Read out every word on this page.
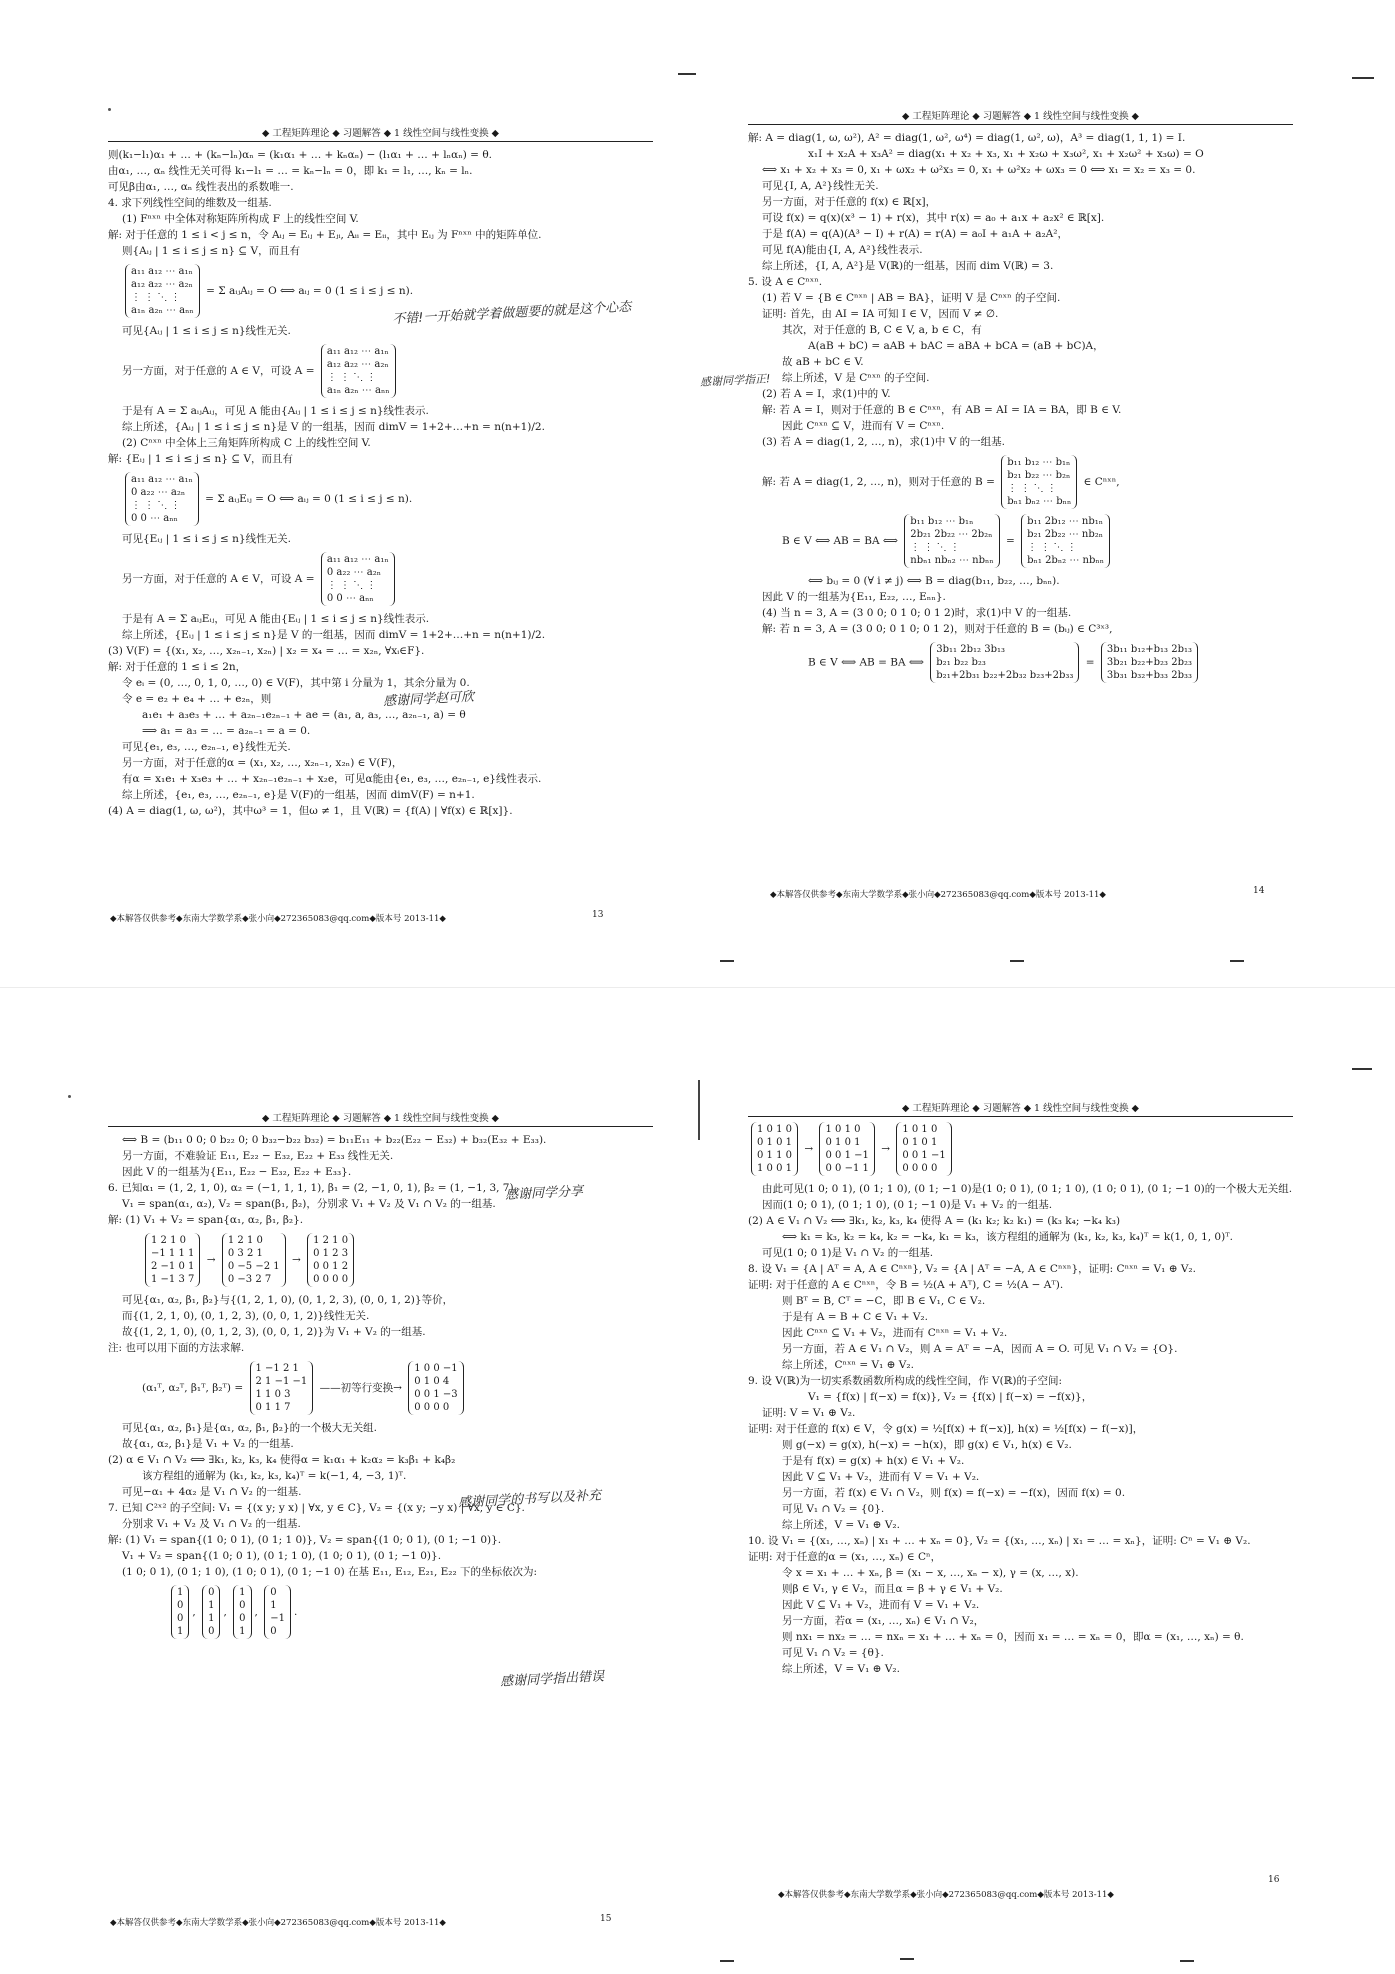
◆ 工程矩阵理论 ◆ 习题解答 ◆ 1 线性空间与线性变换 ◆

则(k₁−l₁)α₁ + … + (kₙ−lₙ)αₙ = (k₁α₁ + … + kₙαₙ) − (l₁α₁ + … + lₙαₙ) = θ.

由α₁, …, αₙ 线性无关可得 k₁−l₁ = … = kₙ−lₙ = 0，即 k₁ = l₁, …, kₙ = lₙ.

可见β由α₁, …, αₙ 线性表出的系数唯一.

4. 求下列线性空间的维数及一组基.

(1) Fⁿˣⁿ 中全体对称矩阵所构成 F 上的线性空间 V.

解: 对于任意的 1 ≤ i < j ≤ n，令 Aᵢⱼ = Eᵢⱼ + Eⱼᵢ, Aᵢᵢ = Eᵢᵢ，其中 Eᵢⱼ 为 Fⁿˣⁿ 中的矩阵单位.

则{Aᵢⱼ | 1 ≤ i ≤ j ≤ n} ⊆ V，而且有

a₁₁ a₁₂ ⋯ a₁ₙ
a₁₂ a₂₂ ⋯ a₂ₙ
⋮ ⋮ ⋱ ⋮
a₁ₙ a₂ₙ ⋯ aₙₙ
= Σ aᵢⱼAᵢⱼ = O ⟺ aᵢⱼ = 0 (1 ≤ i ≤ j ≤ n).

可见{Aᵢⱼ | 1 ≤ i ≤ j ≤ n}线性无关.

另一方面，对于任意的 A ∈ V，可设 A =
a₁₁ a₁₂ ⋯ a₁ₙ
a₁₂ a₂₂ ⋯ a₂ₙ
⋮ ⋮ ⋱ ⋮
a₁ₙ a₂ₙ ⋯ aₙₙ

于是有 A = Σ aᵢⱼAᵢⱼ，可见 A 能由{Aᵢⱼ | 1 ≤ i ≤ j ≤ n}线性表示.

综上所述，{Aᵢⱼ | 1 ≤ i ≤ j ≤ n}是 V 的一组基，因而 dimV = 1+2+…+n = n(n+1)/2.

(2) Cⁿˣⁿ 中全体上三角矩阵所构成 C 上的线性空间 V.

解: {Eᵢⱼ | 1 ≤ i ≤ j ≤ n} ⊆ V，而且有

a₁₁ a₁₂ ⋯ a₁ₙ
0 a₂₂ ⋯ a₂ₙ
⋮ ⋮ ⋱ ⋮
0 0 ⋯ aₙₙ
= Σ aᵢⱼEᵢⱼ = O ⟺ aᵢⱼ = 0 (1 ≤ i ≤ j ≤ n).

可见{Eᵢⱼ | 1 ≤ i ≤ j ≤ n}线性无关.

另一方面，对于任意的 A ∈ V，可设 A =
a₁₁ a₁₂ ⋯ a₁ₙ
0 a₂₂ ⋯ a₂ₙ
⋮ ⋮ ⋱ ⋮
0 0 ⋯ aₙₙ

于是有 A = Σ aᵢⱼEᵢⱼ，可见 A 能由{Eᵢⱼ | 1 ≤ i ≤ j ≤ n}线性表示.

综上所述，{Eᵢⱼ | 1 ≤ i ≤ j ≤ n}是 V 的一组基，因而 dimV = 1+2+…+n = n(n+1)/2.

(3) V(F) = {(x₁, x₂, …, x₂ₙ₋₁, x₂ₙ) | x₂ = x₄ = … = x₂ₙ, ∀xᵢ∈F}.

解: 对于任意的 1 ≤ i ≤ 2n，

令 eᵢ = (0, …, 0, 1, 0, …, 0) ∈ V(F)，其中第 i 分量为 1，其余分量为 0.

令 e = e₂ + e₄ + … + e₂ₙ，则

a₁e₁ + a₃e₃ + … + a₂ₙ₋₁e₂ₙ₋₁ + ae = (a₁, a, a₃, …, a₂ₙ₋₁, a) = θ

⟹ a₁ = a₃ = … = a₂ₙ₋₁ = a = 0.

可见{e₁, e₃, …, e₂ₙ₋₁, e}线性无关.

另一方面，对于任意的α = (x₁, x₂, …, x₂ₙ₋₁, x₂ₙ) ∈ V(F)，

有α = x₁e₁ + x₃e₃ + … + x₂ₙ₋₁e₂ₙ₋₁ + x₂e，可见α能由{e₁, e₃, …, e₂ₙ₋₁, e}线性表示.

综上所述，{e₁, e₃, …, e₂ₙ₋₁, e}是 V(F)的一组基，因而 dimV(F) = n+1.

(4) A = diag(1, ω, ω²)，其中ω³ = 1，但ω ≠ 1，且 V(ℝ) = {f(A) | ∀f(x) ∈ ℝ[x]}.

◆本解答仅供参考◆东南大学数学系◆张小向◆272365083@qq.com◆版本号 2013-11◆	13
◆ 工程矩阵理论 ◆ 习题解答 ◆ 1 线性空间与线性变换 ◆

解: A = diag(1, ω, ω²), A² = diag(1, ω², ω⁴) = diag(1, ω², ω)，A³ = diag(1, 1, 1) = I.

x₁I + x₂A + x₃A² = diag(x₁ + x₂ + x₃, x₁ + x₂ω + x₃ω², x₁ + x₂ω² + x₃ω) = O

⟺ x₁ + x₂ + x₃ = 0, x₁ + ωx₂ + ω²x₃ = 0, x₁ + ω²x₂ + ωx₃ = 0 ⟺ x₁ = x₂ = x₃ = 0.

可见{I, A, A²}线性无关.

另一方面，对于任意的 f(x) ∈ ℝ[x]，

可设 f(x) = q(x)(x³ − 1) + r(x)，其中 r(x) = a₀ + a₁x + a₂x² ∈ ℝ[x].

于是 f(A) = q(A)(A³ − I) + r(A) = r(A) = a₀I + a₁A + a₂A²，

可见 f(A)能由{I, A, A²}线性表示.

综上所述，{I, A, A²}是 V(ℝ)的一组基，因而 dim V(ℝ) = 3.

5. 设 A ∈ Cⁿˣⁿ.

(1) 若 V = {B ∈ Cⁿˣⁿ | AB = BA}，证明 V 是 Cⁿˣⁿ 的子空间.

证明: 首先，由 AI = IA 可知 I ∈ V，因而 V ≠ ∅.

其次，对于任意的 B, C ∈ V, a, b ∈ C，有

A(aB + bC) = aAB + bAC = aBA + bCA = (aB + bC)A，

故 aB + bC ∈ V.

综上所述，V 是 Cⁿˣⁿ 的子空间.

(2) 若 A = I，求(1)中的 V.

解: 若 A = I，则对于任意的 B ∈ Cⁿˣⁿ，有 AB = AI = IA = BA，即 B ∈ V.

因此 Cⁿˣⁿ ⊆ V，进而有 V = Cⁿˣⁿ.

(3) 若 A = diag(1, 2, …, n)，求(1)中 V 的一组基.

解: 若 A = diag(1, 2, …, n)，则对于任意的 B =
b₁₁ b₁₂ ⋯ b₁ₙ
b₂₁ b₂₂ ⋯ b₂ₙ
⋮ ⋮ ⋱ ⋮
bₙ₁ bₙ₂ ⋯ bₙₙ
∈ Cⁿˣⁿ,
B ∈ V ⟺ AB = BA ⟺
b₁₁ b₁₂ ⋯ b₁ₙ
2b₂₁ 2b₂₂ ⋯ 2b₂ₙ
⋮ ⋮ ⋱ ⋮
nbₙ₁ nbₙ₂ ⋯ nbₙₙ
=
b₁₁ 2b₁₂ ⋯ nb₁ₙ
b₂₁ 2b₂₂ ⋯ nb₂ₙ
⋮ ⋮ ⋱ ⋮
bₙ₁ 2bₙ₂ ⋯ nbₙₙ

⟺ bᵢⱼ = 0 (∀ i ≠ j) ⟺ B = diag(b₁₁, b₂₂, …, bₙₙ).

因此 V 的一组基为{E₁₁, E₂₂, …, Eₙₙ}.

(4) 当 n = 3, A = (3 0 0; 0 1 0; 0 1 2)时，求(1)中 V 的一组基.

解: 若 n = 3, A = (3 0 0; 0 1 0; 0 1 2)，则对于任意的 B = (bᵢⱼ) ∈ C³ˣ³,

B ∈ V ⟺ AB = BA ⟺
3b₁₁ 2b₁₂ 3b₁₃
b₂₁ b₂₂ b₂₃
b₂₁+2b₃₁ b₂₂+2b₃₂ b₂₃+2b₃₃
=
3b₁₁ b₁₂+b₁₃ 2b₁₃
3b₂₁ b₂₂+b₂₃ 2b₂₃
3b₃₁ b₃₂+b₃₃ 2b₃₃
◆本解答仅供参考◆东南大学数学系◆张小向◆272365083@qq.com◆版本号 2013-11◆	14
◆ 工程矩阵理论 ◆ 习题解答 ◆ 1 线性空间与线性变换 ◆

⟺ B = (b₁₁ 0 0; 0 b₂₂ 0; 0 b₃₂−b₂₂ b₃₂) = b₁₁E₁₁ + b₂₂(E₂₂ − E₃₂) + b₃₂(E₃₂ + E₃₃).

另一方面，不难验证 E₁₁, E₂₂ − E₃₂, E₂₂ + E₃₃ 线性无关.

因此 V 的一组基为{E₁₁, E₂₂ − E₃₂, E₂₂ + E₃₃}.

6. 已知α₁ = (1, 2, 1, 0), α₂ = (−1, 1, 1, 1), β₁ = (2, −1, 0, 1), β₂ = (1, −1, 3, 7),

V₁ = span(α₁, α₂), V₂ = span(β₁, β₂)，分别求 V₁ + V₂ 及 V₁ ∩ V₂ 的一组基.

解: (1) V₁ + V₂ = span{α₁, α₂, β₁, β₂}.

1 2 1 0
−1 1 1 1
2 −1 0 1
1 −1 3 7
→
1 2 1 0
0 3 2 1
0 −5 −2 1
0 −3 2 7
→
1 2 1 0
0 1 2 3
0 0 1 2
0 0 0 0

可见{α₁, α₂, β₁, β₂}与{(1, 2, 1, 0), (0, 1, 2, 3), (0, 0, 1, 2)}等价，

而{(1, 2, 1, 0), (0, 1, 2, 3), (0, 0, 1, 2)}线性无关.

故{(1, 2, 1, 0), (0, 1, 2, 3), (0, 0, 1, 2)}为 V₁ + V₂ 的一组基.

注: 也可以用下面的方法求解.

(α₁ᵀ, α₂ᵀ, β₁ᵀ, β₂ᵀ) =
1 −1 2 1
2 1 −1 −1
1 1 0 3
0 1 1 7
——初等行变换→
1 0 0 −1
0 1 0 4
0 0 1 −3
0 0 0 0

可见{α₁, α₂, β₁}是{α₁, α₂, β₁, β₂}的一个极大无关组.

故{α₁, α₂, β₁}是 V₁ + V₂ 的一组基.

(2) α ∈ V₁ ∩ V₂ ⟺ ∃k₁, k₂, k₃, k₄ 使得α = k₁α₁ + k₂α₂ = k₃β₁ + k₄β₂

该方程组的通解为 (k₁, k₂, k₃, k₄)ᵀ = k(−1, 4, −3, 1)ᵀ.

可见−α₁ + 4α₂ 是 V₁ ∩ V₂ 的一组基.

7. 已知 C²ˣ² 的子空间: V₁ = {(x y; y x) | ∀x, y ∈ C}, V₂ = {(x y; −y x) | ∀x, y ∈ C}.

分别求 V₁ + V₂ 及 V₁ ∩ V₂ 的一组基.

解: (1) V₁ = span{(1 0; 0 1), (0 1; 1 0)}, V₂ = span{(1 0; 0 1), (0 1; −1 0)}.

V₁ + V₂ = span{(1 0; 0 1), (0 1; 1 0), (1 0; 0 1), (0 1; −1 0)}.

(1 0; 0 1), (0 1; 1 0), (1 0; 0 1), (0 1; −1 0) 在基 E₁₁, E₁₂, E₂₁, E₂₂ 下的坐标依次为:

1
0
0
1
,
0
1
1
0
,
1
0
0
1
,
0
1
−1
0
.
◆本解答仅供参考◆东南大学数学系◆张小向◆272365083@qq.com◆版本号 2013-11◆	15
◆ 工程矩阵理论 ◆ 习题解答 ◆ 1 线性空间与线性变换 ◆
1 0 1 0
0 1 0 1
0 1 1 0
1 0 0 1
→
1 0 1 0
0 1 0 1
0 0 1 −1
0 0 −1 1
→
1 0 1 0
0 1 0 1
0 0 1 −1
0 0 0 0

由此可见(1 0; 0 1), (0 1; 1 0), (0 1; −1 0)是(1 0; 0 1), (0 1; 1 0), (1 0; 0 1), (0 1; −1 0)的一个极大无关组.

因而(1 0; 0 1), (0 1; 1 0), (0 1; −1 0)是 V₁ + V₂ 的一组基.

(2) A ∈ V₁ ∩ V₂ ⟺ ∃k₁, k₂, k₃, k₄ 使得 A = (k₁ k₂; k₂ k₁) = (k₃ k₄; −k₄ k₃)

⟺ k₁ = k₃, k₂ = k₄, k₂ = −k₄, k₁ = k₃，该方程组的通解为 (k₁, k₂, k₃, k₄)ᵀ = k(1, 0, 1, 0)ᵀ.

可见(1 0; 0 1)是 V₁ ∩ V₂ 的一组基.

8. 设 V₁ = {A | Aᵀ = A, A ∈ Cⁿˣⁿ}, V₂ = {A | Aᵀ = −A, A ∈ Cⁿˣⁿ}，证明: Cⁿˣⁿ = V₁ ⊕ V₂.

证明: 对于任意的 A ∈ Cⁿˣⁿ，令 B = ½(A + Aᵀ), C = ½(A − Aᵀ).

则 Bᵀ = B, Cᵀ = −C，即 B ∈ V₁, C ∈ V₂.

于是有 A = B + C ∈ V₁ + V₂.

因此 Cⁿˣⁿ ⊆ V₁ + V₂，进而有 Cⁿˣⁿ = V₁ + V₂.

另一方面，若 A ∈ V₁ ∩ V₂，则 A = Aᵀ = −A，因而 A = O. 可见 V₁ ∩ V₂ = {O}.

综上所述，Cⁿˣⁿ = V₁ ⊕ V₂.

9. 设 V(ℝ)为一切实系数函数所构成的线性空间，作 V(ℝ)的子空间:

V₁ = {f(x) | f(−x) = f(x)}, V₂ = {f(x) | f(−x) = −f(x)}，

证明: V = V₁ ⊕ V₂.

证明: 对于任意的 f(x) ∈ V，令 g(x) = ½[f(x) + f(−x)], h(x) = ½[f(x) − f(−x)]，

则 g(−x) = g(x), h(−x) = −h(x)，即 g(x) ∈ V₁, h(x) ∈ V₂.

于是有 f(x) = g(x) + h(x) ∈ V₁ + V₂.

因此 V ⊆ V₁ + V₂，进而有 V = V₁ + V₂.

另一方面，若 f(x) ∈ V₁ ∩ V₂，则 f(x) = f(−x) = −f(x)，因而 f(x) = 0.

可见 V₁ ∩ V₂ = {0}.

综上所述，V = V₁ ⊕ V₂.

10. 设 V₁ = {(x₁, …, xₙ) | x₁ + … + xₙ = 0}, V₂ = {(x₁, …, xₙ) | x₁ = … = xₙ}，证明: Cⁿ = V₁ ⊕ V₂.

证明: 对于任意的α = (x₁, …, xₙ) ∈ Cⁿ，

令 x = x₁ + … + xₙ, β = (x₁ − x, …, xₙ − x), γ = (x, …, x).

则β ∈ V₁, γ ∈ V₂，而且α = β + γ ∈ V₁ + V₂.

因此 V ⊆ V₁ + V₂，进而有 V = V₁ + V₂.

另一方面，若α = (x₁, …, xₙ) ∈ V₁ ∩ V₂，

则 nx₁ = nx₂ = … = nxₙ = x₁ + … + xₙ = 0，因而 x₁ = … = xₙ = 0，即α = (x₁, …, xₙ) = θ.

可见 V₁ ∩ V₂ = {θ}.

综上所述，V = V₁ ⊕ V₂.

◆本解答仅供参考◆东南大学数学系◆张小向◆272365083@qq.com◆版本号 2013-11◆
16
不错!一开始就学着做题要的就是这个心态
感谢同学赵可欣
感谢同学指正!
感谢同学分享
感谢同学的书写以及补充
感谢同学指出错误
